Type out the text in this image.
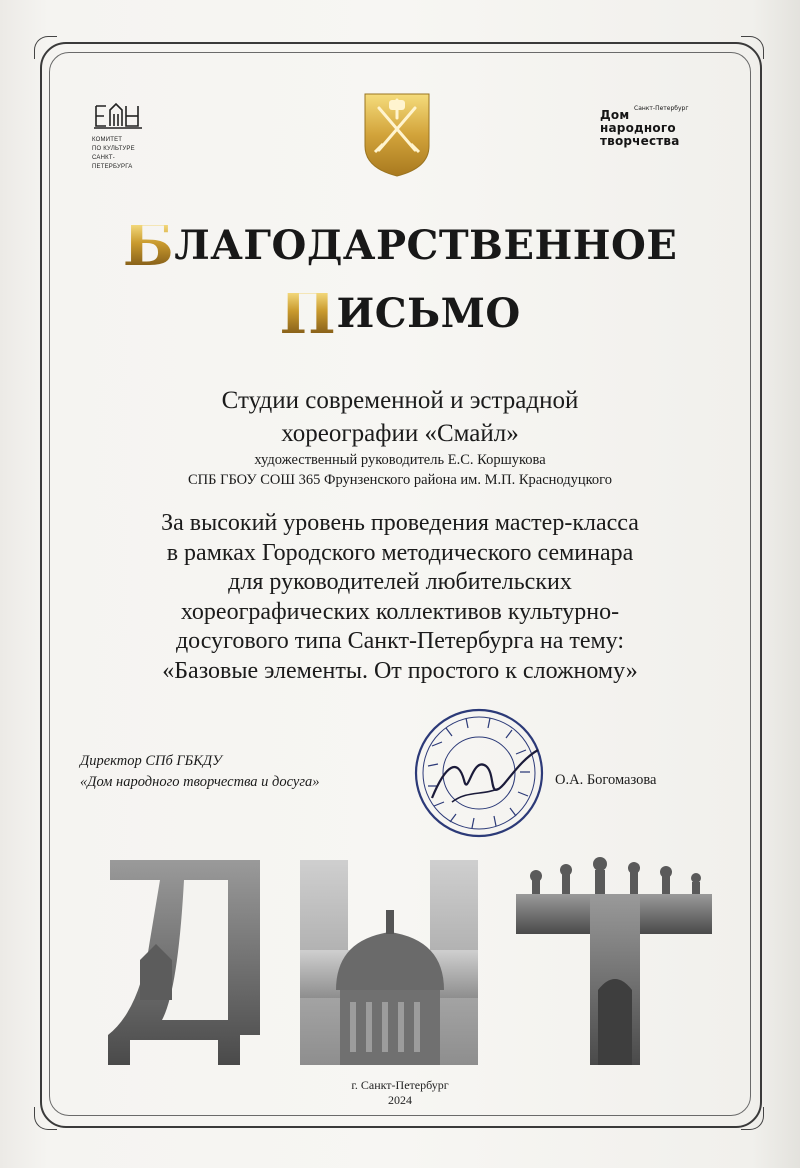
КОМИТЕТ
ПО КУЛЬТУРЕ
САНКТ-
ПЕТЕРБУРГА
Санкт-Петербург
Дом
народного
творчества
БЛАГОДАРСТВЕННОЕ
ПИСЬМО
Студии современной и эстрадной
хореографии «Смайл»
художественный руководитель Е.С. Коршукова
СПБ ГБОУ СОШ 365 Фрунзенского района им. М.П. Краснодуцкого
За высокий уровень проведения мастер-класса
в рамках Городского методического семинара
для руководителей любительских
хореографических коллективов культурно-
досугового типа Санкт-Петербурга на тему:
«Базовые элементы. От простого к сложному»
Директор СПб ГБКДУ
«Дом народного творчества и досуга»	О.А. Богомазова
г. Санкт-Петербург
2024
